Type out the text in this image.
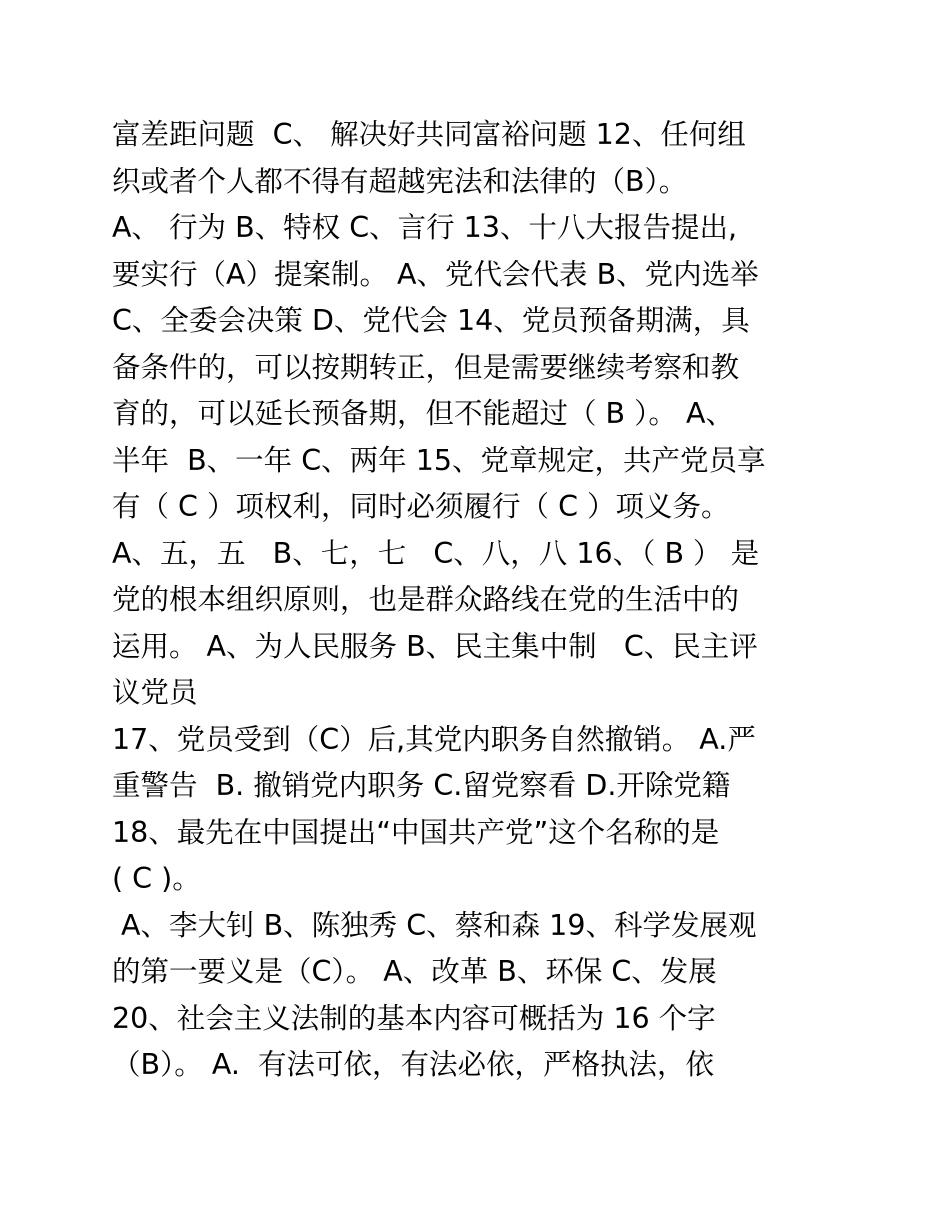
富差距问题  C、 解决好共同富裕问题 12、任何组
织或者个人都不得有超越宪法和法律的（B）。
A、 行为 B、特权 C、言行 13、十八大报告提出,
要实行（A）提案制。 A、党代会代表 B、党内选举
C、全委会决策 D、党代会 14、党员预备期满，具
备条件的，可以按期转正，但是需要继续考察和教
育的，可以延长预备期，但不能超过（ B ）。 A、
半年  B、一年 C、两年 15、党章规定，共产党员享
有（ C ）项权利，同时必须履行（ C ）项义务。
A、五，五   B、七，七   C、八，八 16、（ B ） 是
党的根本组织原则，也是群众路线在党的生活中的
运用。 A、为人民服务 B、民主集中制   C、民主评
议党员
17、党员受到（C）后,其党内职务自然撤销。 A.严
重警告  B. 撤销党内职务 C.留党察看 D.开除党籍
18、最先在中国提出“中国共产党”这个名称的是
( C )。
A、李大钊 B、陈独秀 C、蔡和森 19、科学发展观
的第一要义是（C）。 A、改革 B、环保 C、发展
20、社会主义法制的基本内容可概括为 16 个字
（B）。 A.  有法可依，有法必依，严格执法，依
